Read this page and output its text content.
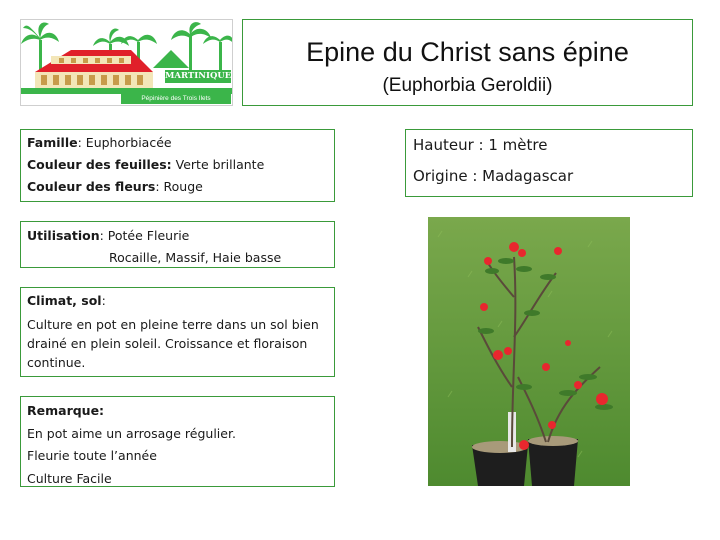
MARTINIQUE
Pépinière des Trois Ilets
Epine du Christ sans épine
(Euphorbia Geroldii)
Famille: Euphorbiacée
Couleur des feuilles: Verte brillante
Couleur des fleurs: Rouge
Utilisation: Potée Fleurie
Rocaille, Massif, Haie basse
Climat, sol:
Culture en pot en pleine terre dans un sol bien drainé en plein soleil. Croissance et floraison continue.
Remarque:
En pot aime un arrosage régulier.
Fleurie toute l’année
Culture Facile
Hauteur : 1 mètre
Origine : Madagascar
